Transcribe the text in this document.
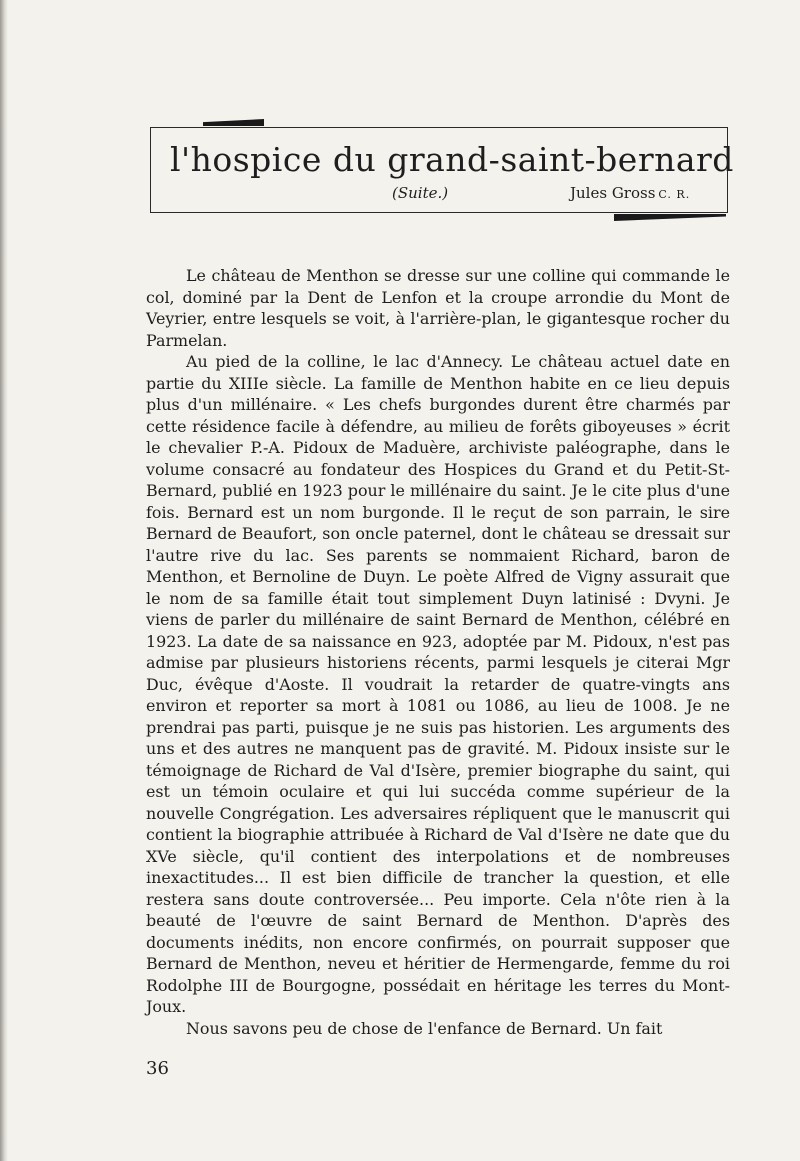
l'hospice du grand-saint-bernard
(Suite.)	Jules Gross C. R.

Le château de Menthon se dresse sur une colline qui commande le col, dominé par la Dent de Lenfon et la croupe arrondie du Mont de Veyrier, entre lesquels se voit, à l'arrière-plan, le gigantesque rocher du Parmelan.

Au pied de la colline, le lac d'Annecy. Le château actuel date en partie du XIIIe siècle. La famille de Menthon habite en ce lieu depuis plus d'un millénaire. « Les chefs burgondes durent être charmés par cette résidence facile à défendre, au milieu de forêts giboyeuses » écrit le chevalier P.-A. Pidoux de Maduère, archiviste paléographe, dans le volume consacré au fondateur des Hospices du Grand et du Petit-St-Bernard, publié en 1923 pour le millénaire du saint. Je le cite plus d'une fois. Bernard est un nom burgonde. Il le reçut de son parrain, le sire Bernard de Beaufort, son oncle paternel, dont le château se dressait sur l'autre rive du lac. Ses parents se nommaient Richard, baron de Menthon, et Bernoline de Duyn. Le poète Alfred de Vigny assurait que le nom de sa famille était tout simplement Duyn latinisé : Dvyni. Je viens de parler du millénaire de saint Bernard de Menthon, célébré en 1923. La date de sa naissance en 923, adoptée par M. Pidoux, n'est pas admise par plusieurs historiens récents, parmi lesquels je citerai Mgr Duc, évêque d'Aoste. Il voudrait la retarder de quatre-vingts ans environ et reporter sa mort à 1081 ou 1086, au lieu de 1008. Je ne prendrai pas parti, puisque je ne suis pas historien. Les arguments des uns et des autres ne manquent pas de gravité. M. Pidoux insiste sur le témoignage de Richard de Val d'Isère, premier biographe du saint, qui est un témoin oculaire et qui lui succéda comme supérieur de la nouvelle Congrégation. Les adversaires répliquent que le manuscrit qui contient la biographie attribuée à Richard de Val d'Isère ne date que du XVe siècle, qu'il contient des interpolations et de nombreuses inexactitudes... Il est bien difficile de trancher la question, et elle restera sans doute controversée... Peu importe. Cela n'ôte rien à la beauté de l'œuvre de saint Bernard de Menthon. D'après des documents inédits, non encore confirmés, on pourrait supposer que Bernard de Menthon, neveu et héritier de Hermengarde, femme du roi Rodolphe III de Bourgogne, possédait en héritage les terres du Mont-Joux.

Nous savons peu de chose de l'enfance de Bernard. Un fait

36
